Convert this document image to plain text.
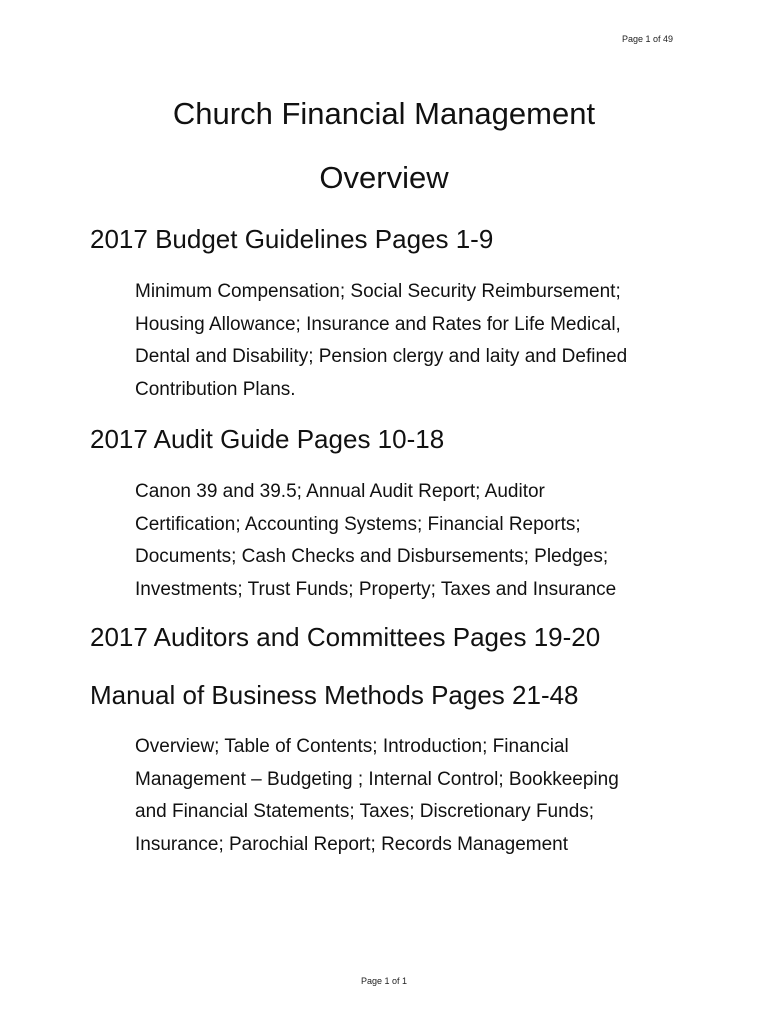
Page 1 of 49
Church Financial Management
Overview
2017 Budget Guidelines Pages 1-9

Minimum Compensation; Social Security Reimbursement;
Housing Allowance; Insurance and Rates for Life Medical,
Dental and Disability; Pension clergy and laity and Defined
Contribution Plans.

2017 Audit Guide Pages 10-18

Canon 39 and 39.5; Annual Audit Report; Auditor
Certification; Accounting Systems; Financial Reports;
Documents; Cash Checks and Disbursements; Pledges;
Investments; Trust Funds; Property; Taxes and Insurance

2017 Auditors and Committees Pages 19-20
Manual of Business Methods Pages 21-48

Overview; Table of Contents; Introduction; Financial
Management – Budgeting ; Internal Control; Bookkeeping
and Financial Statements; Taxes; Discretionary Funds;
Insurance; Parochial Report; Records Management

Page 1 of 1
